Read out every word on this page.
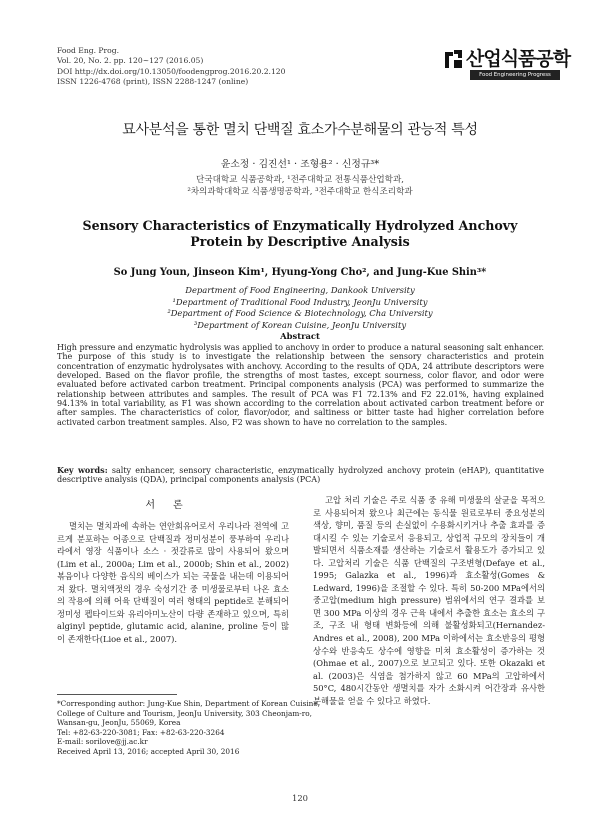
Food Eng. Prog.
Vol. 20, No. 2. pp. 120~127 (2016.05)
DOI http://dx.doi.org/10.13050/foodengprog.2016.20.2.120
ISSN 1226-4768 (print), ISSN 2288-1247 (online)
산업식품공학
Food Engineering Progress
묘사분석을 통한 멸치 단백질 효소가수분해물의 관능적 특성
윤소정 · 김진선¹ · 조형용² · 신정규³*
단국대학교 식품공학과, ¹전주대학교 전통식품산업학과,
²차의과학대학교 식품생명공학과, ³전주대학교 한식조리학과
Sensory Characteristics of Enzymatically Hydrolyzed Anchovy Protein by Descriptive Analysis
So Jung Youn, Jinseon Kim¹, Hyung-Yong Cho², and Jung-Kue Shin³*
Department of Food Engineering, Dankook University
¹Department of Traditional Food Industry, JeonJu University
²Department of Food Science & Biotechnology, Cha University
³Department of Korean Cuisine, JeonJu University
Abstract
High pressure and enzymatic hydrolysis was applied to anchovy in order to produce a natural seasoning salt enhancer. The purpose of this study is to investigate the relationship between the sensory characteristics and protein concentration of enzymatic hydrolysates with anchovy. According to the results of QDA, 24 attribute descriptors were developed. Based on the flavor profile, the strengths of most tastes, except sourness, color flavor, and odor were evaluated before activated carbon treatment. Principal components analysis (PCA) was performed to summarize the relationship between attributes and samples. The result of PCA was F1 72.13% and F2 22.01%, having explained 94.13% in total variability, as F1 was shown according to the correlation about activated carbon treatment before or after samples. The characteristics of color, flavor/odor, and saltiness or bitter taste had higher correlation before activated carbon treatment samples. Also, F2 was shown to have no correlation to the samples.
Key words: salty enhancer, sensory characteristic, enzymatically hydrolyzed anchovy protein (eHAP), quantitative descriptive analysis (QDA), principal components analysis (PCA)
서론
멸치는 멸치과에 속하는 연안회유어로서 우리나라 전역에 고르게 분포하는 어종으로 단백질과 정미성분이 풍부하여 우리나라에서 영장 식품이나 소스 · 젓갈류로 많이 사용되어 왔으며(Lim et al., 2000a; Lim et al., 2000b; Shin et al., 2002) 볶음이나 다양한 음식의 베이스가 되는 국물을 내는데 이용되어져 왔다. 멸치액젓의 경우 숙성기간 중 미생물로부터 나온 효소의 작용에 의해 어육 단백질이 여러 형태의 peptide로 분해되어 정미성 펩타이드와 유리아미노산이 다량 존재하고 있으며, 특히 alginyl peptide, glutamic acid, alanine, proline 등이 많이 존재한다(Lioe et al., 2007).
고압 처리 기술은 주로 식품 중 유해 미생물의 살균을 목적으로 사용되어져 왔으나 최근에는 동식물 원료로부터 중요성분의 색상, 향미, 품질 등의 손실없이 수용화시키거나 추출 효과를 증대시킬 수 있는 기술로서 응용되고, 상업적 규모의 장치들이 개발되면서 식품소재를 생산하는 기술로서 활용도가 증가되고 있다. 고압처리 기술은 식품 단백질의 구조변형(Defaye et al., 1995; Galazka et al., 1996)과 효소활성(Gomes & Ledward, 1996)을 조절할 수 있다. 특히 50-200 MPa에서의 중고압(medium high pressure) 범위에서의 연구 결과를 보면 300 MPa 이상의 경우 근육 내에서 추출한 효소는 효소의 구조, 구조 내 형태 변화등에 의해 불활성화되고(Hernandez-Andres et al., 2008), 200 MPa 이하에서는 효소반응의 평형상수와 반응속도 상수에 영향을 미쳐 효소활성이 증가하는 것(Ohmae et al., 2007)으로 보고되고 있다. 또한 Okazaki et al. (2003)은 식염을 첨가하지 않고 60 MPa의 고압하에서 50°C, 480시간동안 생멸치를 자가 소화시켜 어간장과 유사한 분해물을 얻을 수 있다고 하였다.
*Corresponding author: Jung-Kue Shin, Department of Korean Cuisine,
College of Culture and Tourism, JeonJu University, 303 Cheonjam-ro,
Wansan-gu, JeonJu, 55069, Korea
Tel: +82-63-220-3081; Fax: +82-63-220-3264
E-mail: sorilove@jj.ac.kr
Received April 13, 2016; accepted April 30, 2016
120
